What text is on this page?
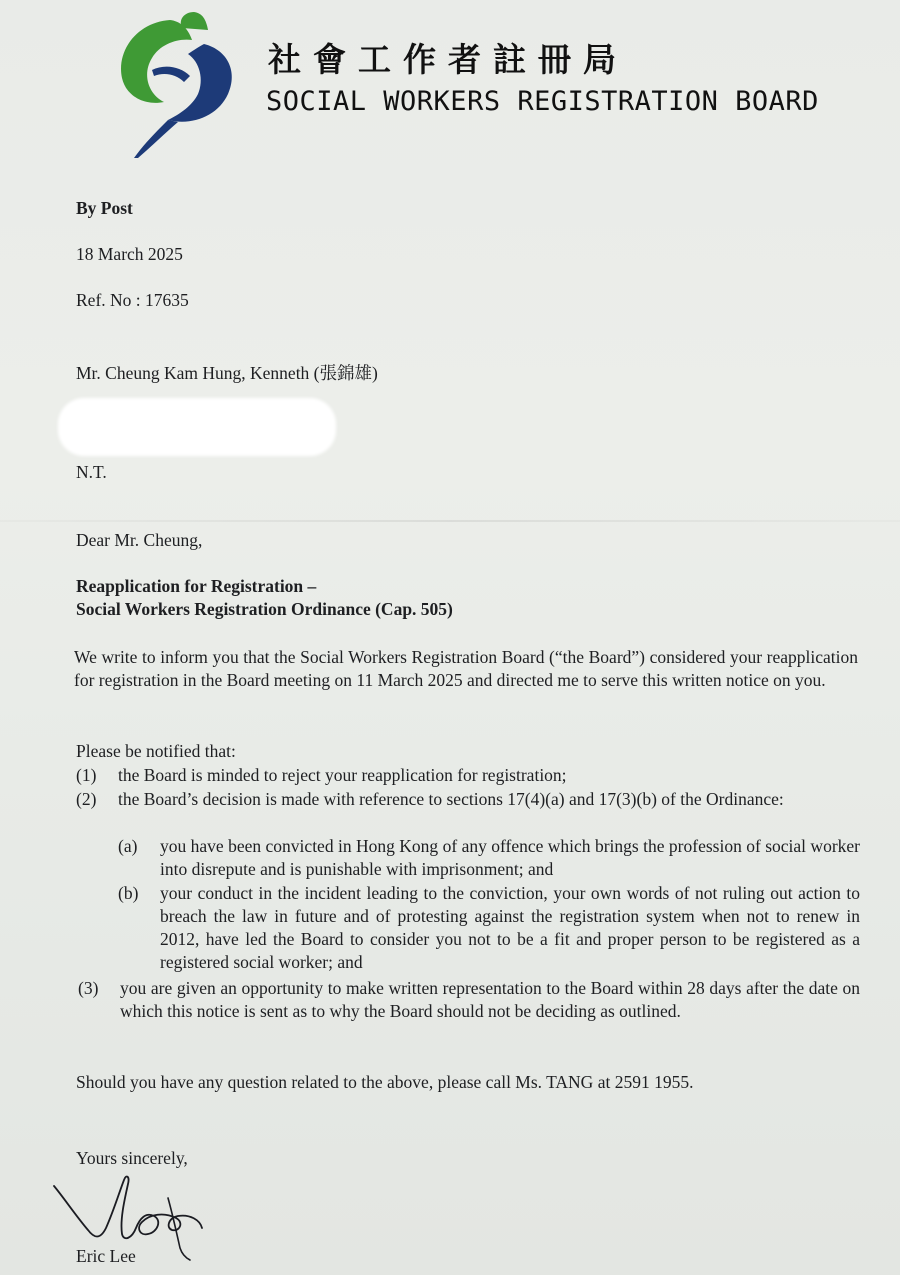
社會工作者註冊局
SOCIAL WORKERS REGISTRATION BOARD
By Post
18 March 2025
Ref. No : 17635
Mr. Cheung Kam Hung, Kenneth (張錦雄)
N.T.
Dear Mr. Cheung,
Reapplication for Registration –
Social Workers Registration Ordinance (Cap. 505)
We write to inform you that the Social Workers Registration Board (“the Board”) considered your reapplication for registration in the Board meeting on 11 March 2025 and directed me to serve this written notice on you.
Please be notified that:
(1) the Board is minded to reject your reapplication for registration;
(2) the Board’s decision is made with reference to sections 17(4)(a) and 17(3)(b) of the Ordinance:
(a) you have been convicted in Hong Kong of any offence which brings the profession of social worker into disrepute and is punishable with imprisonment; and
(b) your conduct in the incident leading to the conviction, your own words of not ruling out action to breach the law in future and of protesting against the registration system when not to renew in 2012, have led the Board to consider you not to be a fit and proper person to be registered as a registered social worker; and
(3) you are given an opportunity to make written representation to the Board within 28 days after the date on which this notice is sent as to why the Board should not be deciding as outlined.
Should you have any question related to the above, please call Ms. TANG at 2591 1955.
Yours sincerely,
Eric Lee
